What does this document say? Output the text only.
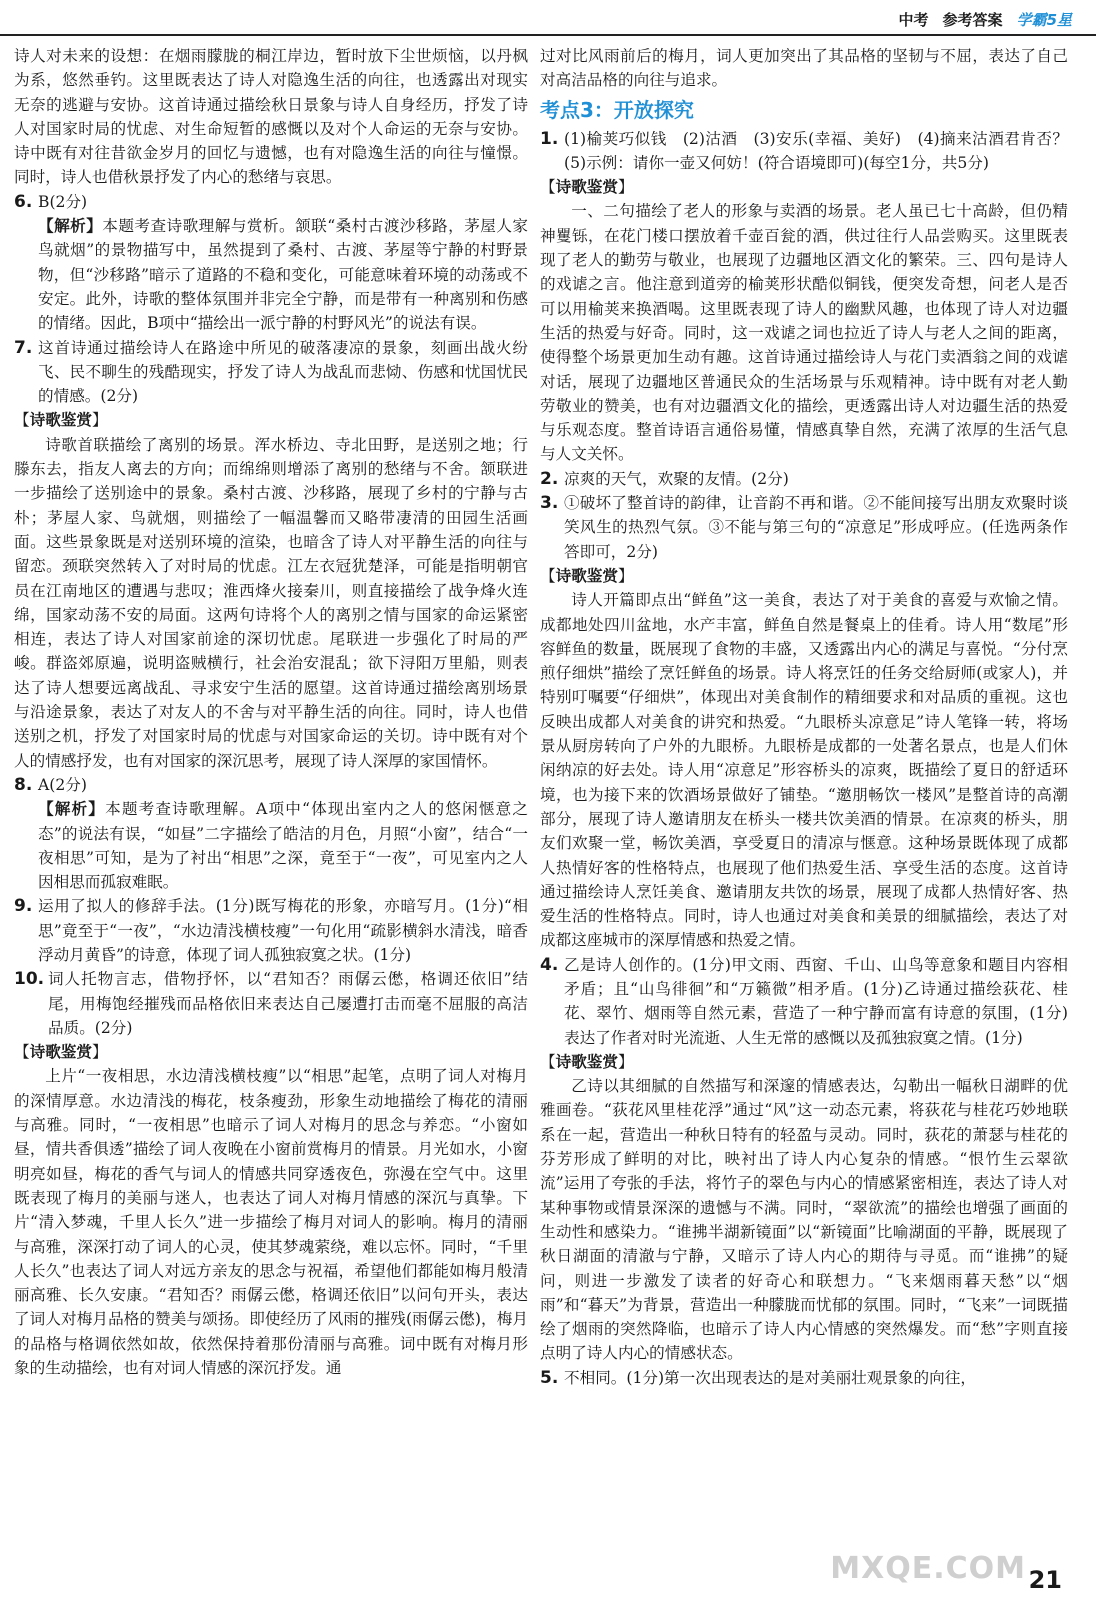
中考 参考答案 学霸5星

诗人对未来的设想：在烟雨朦胧的桐江岸边，暂时放下尘世烦恼，以丹枫为系，悠然垂钓。这里既表达了诗人对隐逸生活的向往，也透露出对现实无奈的逃避与安协。这首诗通过描绘秋日景象与诗人自身经历，抒发了诗人对国家时局的忧虑、对生命短暂的感慨以及对个人命运的无奈与安协。诗中既有对往昔欲金岁月的回忆与遗憾，也有对隐逸生活的向往与憧憬。同时，诗人也借秋景抒发了内心的愁绪与哀思。

6. B(2分)

【解析】本题考查诗歌理解与赏析。颔联“桑村古渡沙移路，茅屋人家鸟就烟”的景物描写中，虽然提到了桑村、古渡、茅屋等宁静的村野景物，但“沙移路”暗示了道路的不稳和变化，可能意味着环境的动荡或不安定。此外，诗歌的整体氛围并非完全宁静，而是带有一种离别和伤感的情绪。因此，B项中“描绘出一派宁静的村野风光”的说法有误。

7. 这首诗通过描绘诗人在路途中所见的破落凄凉的景象，刻画出战火纷飞、民不聊生的残酷现实，抒发了诗人为战乱而悲恸、伤感和忧国忧民的情感。(2分)
【诗歌鉴赏】

诗歌首联描绘了离别的场景。浑水桥边、寺北田野，是送别之地；行滕东去，指友人离去的方向；而绵绵则增添了离别的愁绪与不舍。颔联进一步描绘了送别途中的景象。桑村古渡、沙移路，展现了乡村的宁静与古朴；茅屋人家、鸟就烟，则描绘了一幅温馨而又略带凄清的田园生活画面。这些景象既是对送别环境的渲染，也暗含了诗人对平静生活的向往与留恋。颈联突然转入了对时局的忧虑。江左衣冠犹楚泽，可能是指明朝官员在江南地区的遭遇与悲叹；淮西烽火接秦川，则直接描绘了战争烽火连绵，国家动荡不安的局面。这两句诗将个人的离别之情与国家的命运紧密相连，表达了诗人对国家前途的深切忧虑。尾联进一步强化了时局的严峻。群盗郊原遍，说明盗贼横行，社会治安混乱；欲下浔阳万里船，则表达了诗人想要远离战乱、寻求安宁生活的愿望。这首诗通过描绘离别场景与沿途景象，表达了对友人的不舍与对平静生活的向往。同时，诗人也借送别之机，抒发了对国家时局的忧虑与对国家命运的关切。诗中既有对个人的情感抒发，也有对国家的深沉思考，展现了诗人深厚的家国情怀。

8. A(2分)

【解析】本题考查诗歌理解。A项中“体现出室内之人的悠闲惬意之态”的说法有误，“如昼”二字描绘了皓洁的月色，月照“小窗”，结合“一夜相思”可知，是为了衬出“相思”之深，竟至于“一夜”，可见室内之人因相思而孤寂难眠。

9. 运用了拟人的修辞手法。(1分)既写梅花的形象，亦暗写月。(1分)“相思”竟至于“一夜”，“水边清浅横枝瘦”一句化用“疏影横斜水清浅，暗香浮动月黄昏”的诗意，体现了词人孤独寂寞之状。(1分)
10. 词人托物言志，借物抒怀，以“君知否？雨僝云僽，格调还依旧”结尾，用梅饱经摧残而品格依旧来表达自己屡遭打击而毫不屈服的高洁品质。(2分)
【诗歌鉴赏】

上片“一夜相思，水边清浅横枝瘦”以“相思”起笔，点明了词人对梅月的深情厚意。水边清浅的梅花，枝条瘦劲，形象生动地描绘了梅花的清丽与高雅。同时，“一夜相思”也暗示了词人对梅月的思念与养恋。“小窗如昼，情共香俱透”描绘了词人夜晚在小窗前赏梅月的情景。月光如水，小窗明亮如昼，梅花的香气与词人的情感共同穿透夜色，弥漫在空气中。这里既表现了梅月的美丽与迷人，也表达了词人对梅月情感的深沉与真挚。下片“清入梦魂，千里人长久”进一步描绘了梅月对词人的影响。梅月的清丽与高雅，深深打动了词人的心灵，使其梦魂萦绕，难以忘怀。同时，“千里人长久”也表达了词人对远方亲友的思念与祝福，希望他们都能如梅月般清丽高雅、长久安康。“君知否？雨僝云僽，格调还依旧”以问句开头，表达了词人对梅月品格的赞美与颂扬。即使经历了风雨的摧残(雨僝云僽)，梅月的品格与格调依然如故，依然保持着那份清丽与高雅。词中既有对梅月形象的生动描绘，也有对词人情感的深沉抒发。通

过对比风雨前后的梅月，词人更加突出了其品格的坚韧与不屈，表达了自己对高洁品格的向往与追求。

考点3：开放探究
1. (1)榆荚巧似钱　(2)沽酒　(3)安乐(幸福、美好)　(4)摘来沽酒君肯否？　(5)示例：请你一壶又何妨！(符合语境即可)(每空1分，共5分)
【诗歌鉴赏】

一、二句描绘了老人的形象与卖酒的场景。老人虽已七十高龄，但仍精神矍铄，在花门楼口摆放着千壶百瓮的酒，供过往行人品尝购买。这里既表现了老人的勤劳与敬业，也展现了边疆地区酒文化的繁荣。三、四句是诗人的戏谑之言。他注意到道旁的榆荚形状酷似铜钱，便突发奇想，问老人是否可以用榆荚来换酒喝。这里既表现了诗人的幽默风趣，也体现了诗人对边疆生活的热爱与好奇。同时，这一戏谑之词也拉近了诗人与老人之间的距离，使得整个场景更加生动有趣。这首诗通过描绘诗人与花门卖酒翁之间的戏谑对话，展现了边疆地区普通民众的生活场景与乐观精神。诗中既有对老人勤劳敬业的赞美，也有对边疆酒文化的描绘，更透露出诗人对边疆生活的热爱与乐观态度。整首诗语言通俗易懂，情感真挚自然，充满了浓厚的生活气息与人文关怀。

2. 凉爽的天气，欢聚的友情。(2分)
3. ①破坏了整首诗的韵律，让音韵不再和谐。②不能间接写出朋友欢聚时谈笑风生的热烈气氛。③不能与第三句的“凉意足”形成呼应。(任选两条作答即可，2分)
【诗歌鉴赏】

诗人开篇即点出“鲜鱼”这一美食，表达了对于美食的喜爱与欢愉之情。成都地处四川盆地，水产丰富，鲜鱼自然是餐桌上的佳肴。诗人用“数尾”形容鲜鱼的数量，既展现了食物的丰盛，又透露出内心的满足与喜悦。“分付烹煎仔细烘”描绘了烹饪鲜鱼的场景。诗人将烹饪的任务交给厨师(或家人)，并特别叮嘱要“仔细烘”，体现出对美食制作的精细要求和对品质的重视。这也反映出成都人对美食的讲究和热爱。“九眼桥头凉意足”诗人笔锋一转，将场景从厨房转向了户外的九眼桥。九眼桥是成都的一处著名景点，也是人们休闲纳凉的好去处。诗人用“凉意足”形容桥头的凉爽，既描绘了夏日的舒适环境，也为接下来的饮酒场景做好了铺垫。“邀朋畅饮一楼风”是整首诗的高潮部分，展现了诗人邀请朋友在桥头一楼共饮美酒的情景。在凉爽的桥头，朋友们欢聚一堂，畅饮美酒，享受夏日的清凉与惬意。这种场景既体现了成都人热情好客的性格特点，也展现了他们热爱生活、享受生活的态度。这首诗通过描绘诗人烹饪美食、邀请朋友共饮的场景，展现了成都人热情好客、热爱生活的性格特点。同时，诗人也通过对美食和美景的细腻描绘，表达了对成都这座城市的深厚情感和热爱之情。

4. 乙是诗人创作的。(1分)甲文雨、西窗、千山、山鸟等意象和题目内容相矛盾；且“山鸟徘徊”和“万籁微”相矛盾。(1分)乙诗通过描绘荻花、桂花、翠竹、烟雨等自然元素，营造了一种宁静而富有诗意的氛围，(1分)表达了作者对时光流逝、人生无常的感慨以及孤独寂寞之情。(1分)
【诗歌鉴赏】

乙诗以其细腻的自然描写和深邃的情感表达，勾勒出一幅秋日湖畔的优雅画卷。“荻花风里桂花浮”通过“风”这一动态元素，将荻花与桂花巧妙地联系在一起，营造出一种秋日特有的轻盈与灵动。同时，荻花的萧瑟与桂花的芬芳形成了鲜明的对比，映衬出了诗人内心复杂的情感。“恨竹生云翠欲流”运用了夸张的手法，将竹子的翠色与内心的情感紧密相连，表达了诗人对某种事物或情景深深的遗憾与不满。同时，“翠欲流”的描绘也增强了画面的生动性和感染力。“谁拂半湖新镜面”以“新镜面”比喻湖面的平静，既展现了秋日湖面的清澈与宁静，又暗示了诗人内心的期待与寻觅。而“谁拂”的疑问，则进一步激发了读者的好奇心和联想力。“飞来烟雨暮天愁”以“烟雨”和“暮天”为背景，营造出一种朦胧而忧郁的氛围。同时，“飞来”一词既描绘了烟雨的突然降临，也暗示了诗人内心情感的突然爆发。而“愁”字则直接点明了诗人内心的情感状态。

5. 不相同。(1分)第一次出现表达的是对美丽壮观景象的向往，
MXQE.COM 21
